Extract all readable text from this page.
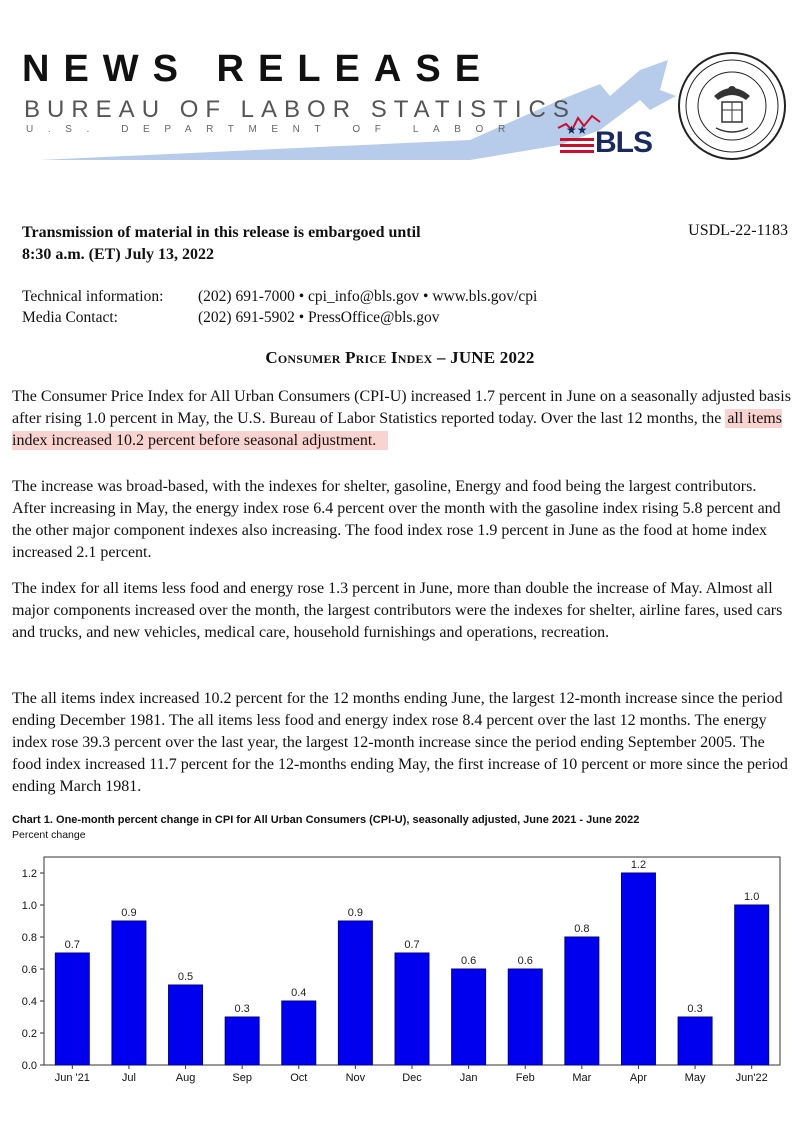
NEWS RELEASE
BUREAU OF LABOR STATISTICS
U.S. DEPARTMENT OF LABOR	★★ BLS
Transmission of material in this release is embargoed until
8:30 a.m. (ET) July 13, 2022
USDL-22-1183
Technical information: (202) 691-7000 • cpi_info@bls.gov • www.bls.gov/cpi
Media Contact:	(202) 691-5902 • PressOffice@bls.gov
Consumer Price Index – JUNE 2022

The Consumer Price Index for All Urban Consumers (CPI-U) increased 1.7 percent in June on a seasonally adjusted basis after rising 1.0 percent in May, the U.S. Bureau of Labor Statistics reported today. Over the last 12 months, the all items index increased 10.2 percent before seasonal adjustment.

The increase was broad-based, with the indexes for shelter, gasoline, Energy and food being the largest contributors. After increasing in May, the energy index rose 6.4 percent over the month with the gasoline index rising 5.8 percent and the other major component indexes also increasing. The food index rose 1.9 percent in June as the food at home index increased 2.1 percent.

The index for all items less food and energy rose 1.3 percent in June, more than double the increase of May. Almost all major components increased over the month, the largest contributors were the indexes for shelter, airline fares, used cars and trucks, and new vehicles, medical care, household furnishings and operations, recreation.

The all items index increased 10.2 percent for the 12 months ending June, the largest 12-month increase since the period ending December 1981. The all items less food and energy index rose 8.4 percent over the last 12 months. The energy index rose 39.3 percent over the last year, the largest 12-month increase since the period ending September 2005. The food index increased 11.7 percent for the 12-months ending May, the first increase of 10 percent or more since the period ending March 1981.

Chart 1. One-month percent change in CPI for All Urban Consumers (CPI-U), seasonally adjusted, June 2021 - June 2022
Percent change
0.0
0.2
0.4
0.6
0.8
1.0
1.2
0.7
Jun '21
0.9
Jul
0.5
Aug
0.3
Sep
0.4
Oct
0.9
Nov
0.7
Dec
0.6
Jan
0.6
Feb
0.8
Mar
1.2
Apr
0.3
May
1.0
Jun'22
